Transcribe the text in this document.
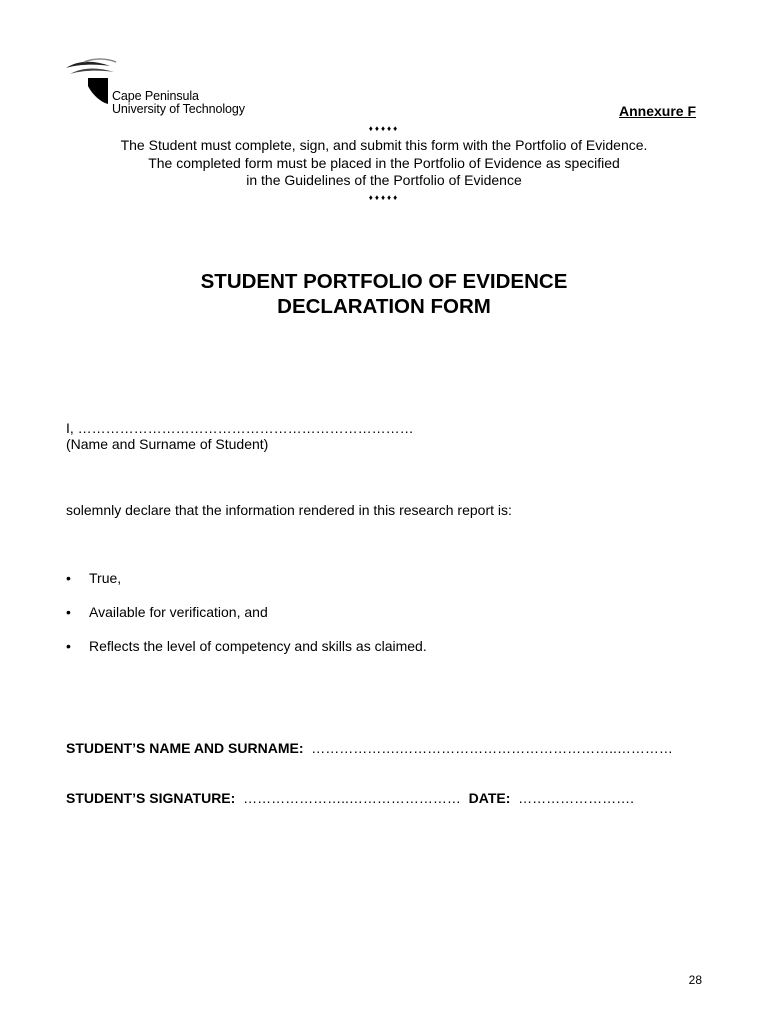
Cape Peninsula
University of Technology	Annexure F
♦♦♦♦♦
The Student must complete, sign, and submit this form with the Portfolio of Evidence.
The completed form must be placed in the Portfolio of Evidence as specified
in the Guidelines of the Portfolio of Evidence
♦♦♦♦♦
STUDENT PORTFOLIO OF EVIDENCE
DECLARATION FORM
I, ………………………………………………………………
(Name and Surname of Student)
solemnly declare that the information rendered in this research report is:
• True,
• Available for verification, and
• Reflects the level of competency and skills as claimed.
STUDENT’S NAME AND SURNAME: ……………….………………………………………..…………
STUDENT’S SIGNATURE: …………………..…………………… DATE: …………………….
28
